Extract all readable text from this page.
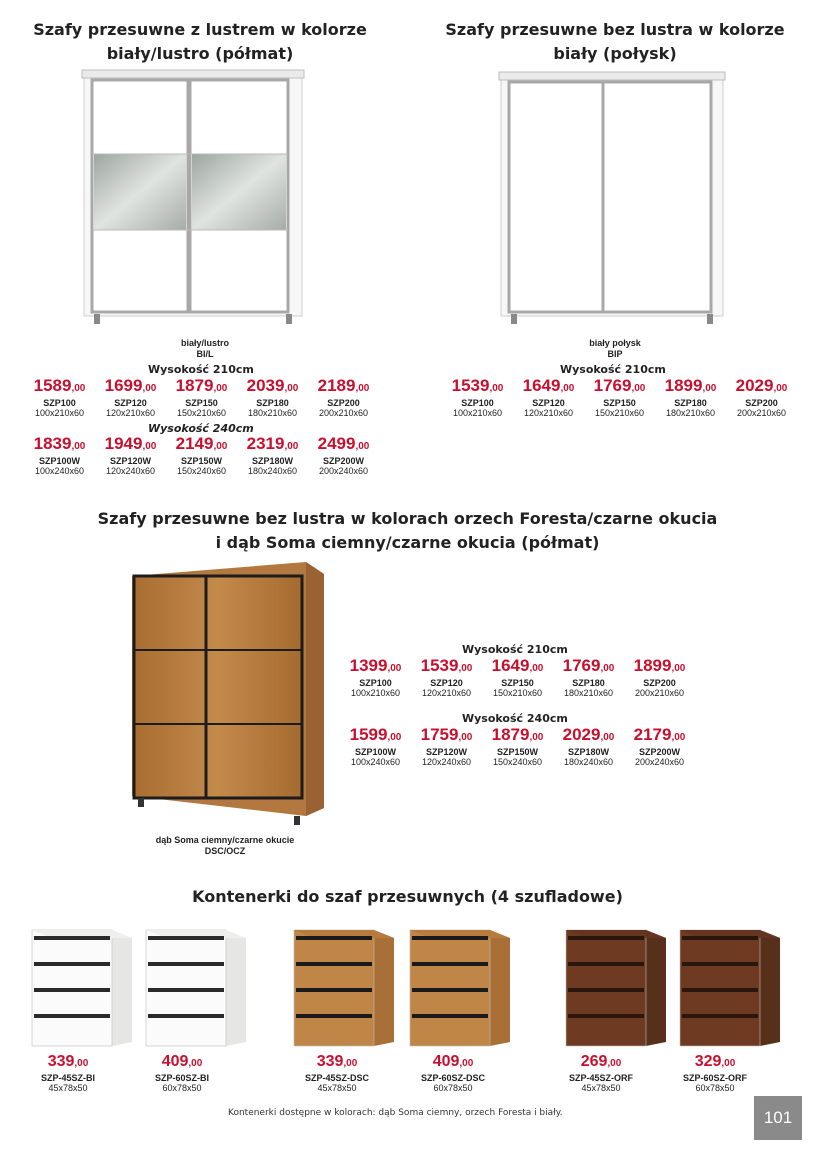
Szafy przesuwne z lustrem w kolorze
biały/lustro (półmat)
biały/lustro
BI/L
Wysokość 210cm
1589,00
SZP100
100x210x60
1699,00
SZP120
120x210x60
1879,00
SZP150
150x210x60
2039,00
SZP180
180x210x60
2189,00
SZP200
200x210x60
Wysokość 240cm
1839,00
SZP100W
100x240x60
1949,00
SZP120W
120x240x60
2149,00
SZP150W
150x240x60
2319,00
SZP180W
180x240x60
2499,00
SZP200W
200x240x60
Szafy przesuwne bez lustra w kolorze
biały (połysk)
biały połysk
BIP
Wysokość 210cm
1539,00
SZP100
100x210x60
1649,00
SZP120
120x210x60
1769,00
SZP150
150x210x60
1899,00
SZP180
180x210x60
2029,00
SZP200
200x210x60
Szafy przesuwne bez lustra w kolorach orzech Foresta/czarne okucia
i dąb Soma ciemny/czarne okucia (półmat)
dąb Soma ciemny/czarne okucie
DSC/OCZ
Wysokość 210cm
1399,00
SZP100
100x210x60
1539,00
SZP120
120x210x60
1649,00
SZP150
150x210x60
1769,00
SZP180
180x210x60
1899,00
SZP200
200x210x60
Wysokość 240cm
1599,00
SZP100W
100x240x60
1759,00
SZP120W
120x240x60
1879,00
SZP150W
150x240x60
2029,00
SZP180W
180x240x60
2179,00
SZP200W
200x240x60
Kontenerki do szaf przesuwnych (4 szufladowe)
339,00
SZP-45SZ-BI
45x78x50
409,00
SZP-60SZ-BI
60x78x50
339,00
SZP-45SZ-DSC
45x78x50
409,00
SZP-60SZ-DSC
60x78x50
269,00
SZP-45SZ-ORF
45x78x50
329,00
SZP-60SZ-ORF
60x78x50
Kontenerki dostępne w kolorach: dąb Soma ciemny, orzech Foresta i biały.	101
